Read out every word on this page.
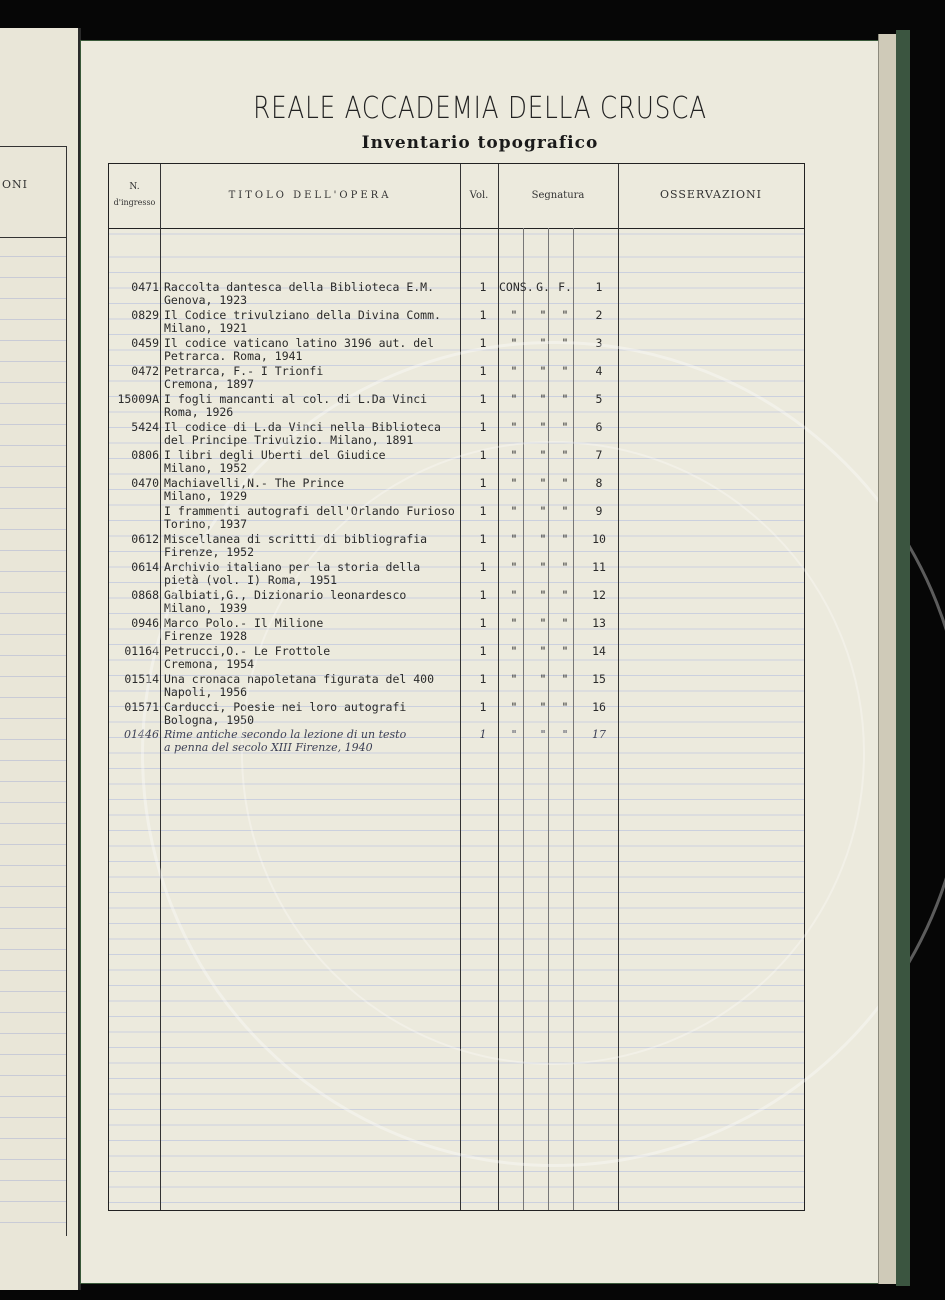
ONI
REALE ACCADEMIA DELLA CRUSCA
Inventario topografico
N.
d'ingresso
TITOLO DELL'OPERA	Vol.	Segnatura	OSSERVAZIONI
0471 Raccolta dantesca della Biblioteca E.M.
Genova, 1923
1	CONS. G. F.	1
0829 Il Codice trivulziano della Divina Comm.
Milano, 1921
1	"	"	"	2
0459 Il codice vaticano latino 3196 aut. del
Petrarca. Roma, 1941
1	"	"	"	3
0472 Petrarca, F.- I Trionfi
Cremona, 1897
1	"	"	"	4
15009A I fogli mancanti al col. di L.Da Vinci
Roma, 1926
1	"	"	"	5
5424 Il codice di L.da Vinci nella Biblioteca
del Principe Trivulzio. Milano, 1891
1	"	"	"	6
0806 I libri degli Uberti del Giudice
Milano, 1952
1	"	"	"	7
0470 Machiavelli,N.- The Prince
Milano, 1929
1	"	"	"	8
I frammenti autografi dell'Orlando Furioso
Torino, 1937
1	"	"	"	9
0612 Miscellanea di scritti di bibliografia
Firenze, 1952
1	"	"	"	10
0614 Archivio italiano per la storia della
pietà (vol. I) Roma, 1951
1	"	"	"	11
0868 Galbiati,G., Dizionario leonardesco
Milano, 1939
1	"	"	"	12
0946 Marco Polo.- Il Milione
Firenze 1928
1	"	"	"	13
01164 Petrucci,O.- Le Frottole
Cremona, 1954
1	"	"	"	14
01514 Una cronaca napoletana figurata del 400
Napoli, 1956
1	"	"	"	15
01571 Carducci, Poesie nei loro autografi
Bologna, 1950
1	"	"	"	16
01446 Rime antiche secondo la lezione di un testo
a penna del secolo XIII Firenze, 1940
1	"	"	"	17
